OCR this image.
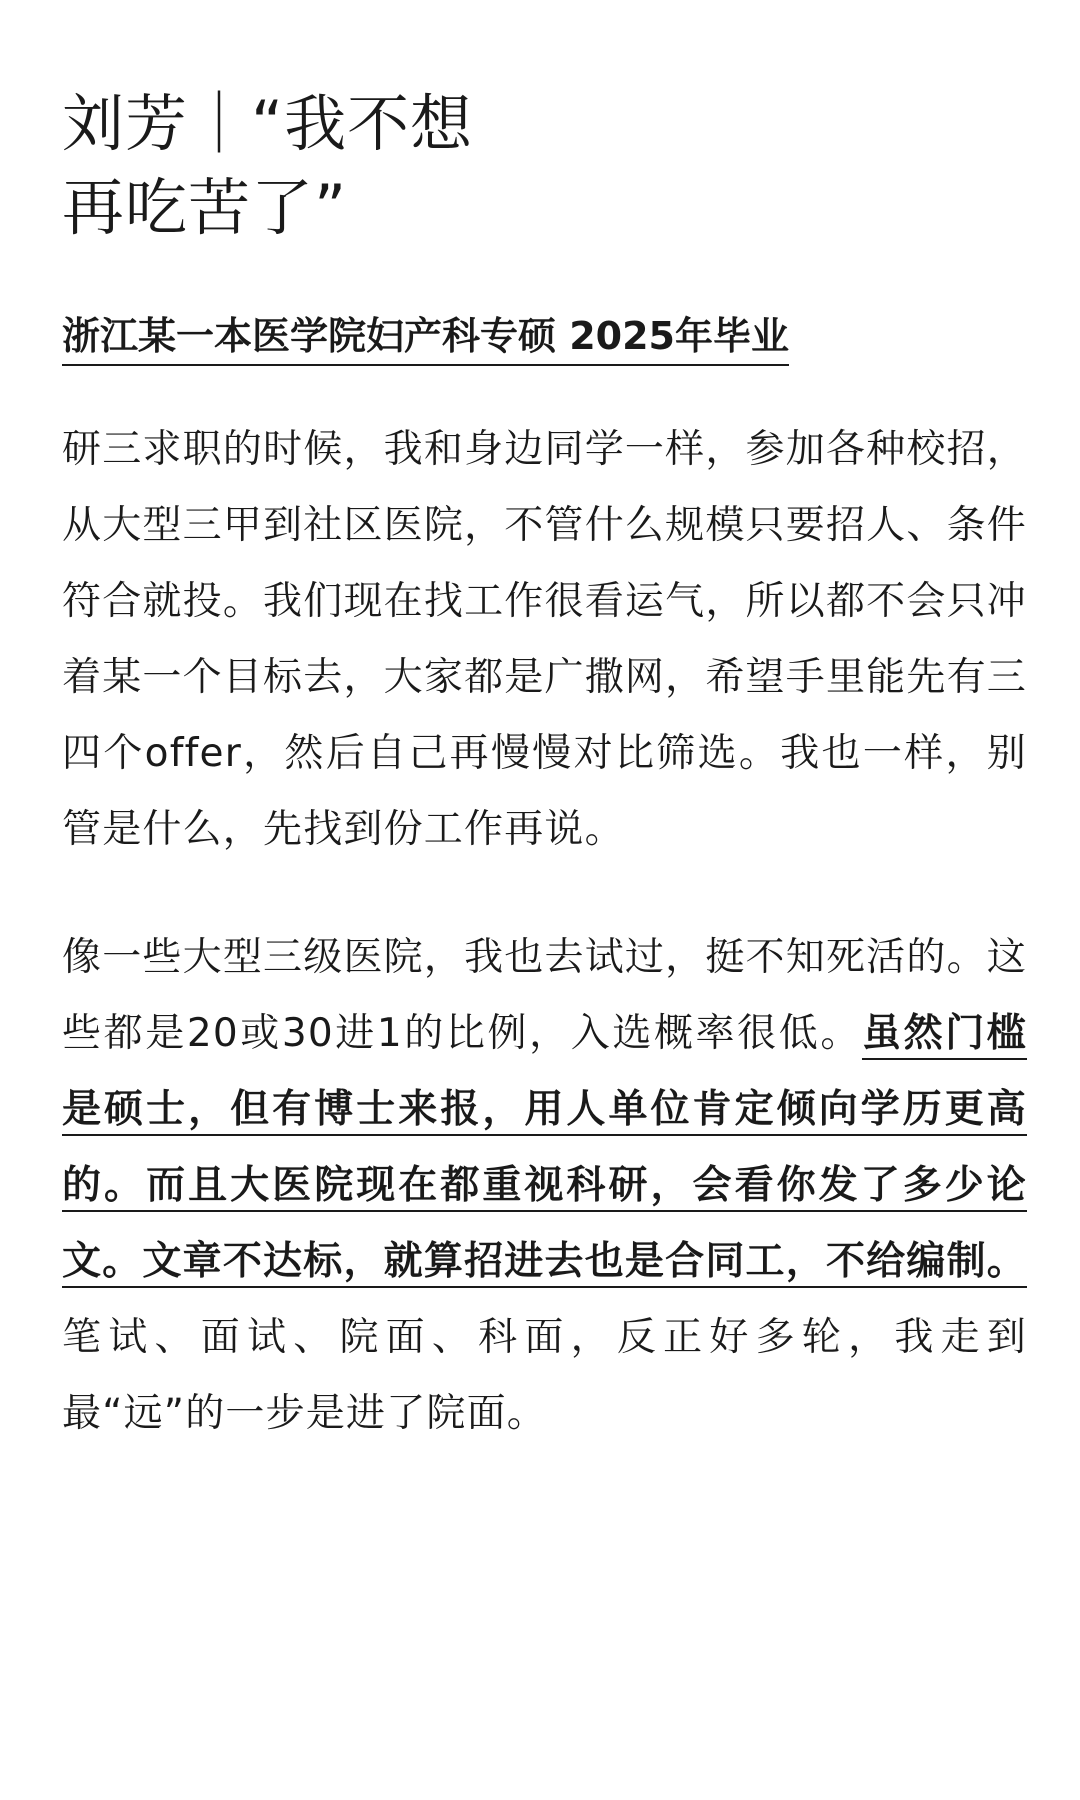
刘芳｜“我不想
再吃苦了”
浙江某一本医学院妇产科专硕 2025年毕业

研三求职的时候，我和身边同学一样，参加各种校招，从大型三甲到社区医院，不管什么规模只要招人、条件符合就投。我们现在找工作很看运气，所以都不会只冲着某一个目标去，大家都是广撒网，希望手里能先有三四个offer，然后自己再慢慢对比筛选。我也一样，别管是什么，先找到份工作再说。

像一些大型三级医院，我也去试过，挺不知死活的。这些都是20或30进1的比例，入选概率很低。虽然门槛是硕士，但有博士来报，用人单位肯定倾向学历更高的。而且大医院现在都重视科研，会看你发了多少论文。文章不达标，就算招进去也是合同工，不给编制。笔试、面试、院面、科面，反正好多轮，我走到最“远”的一步是进了院面。
